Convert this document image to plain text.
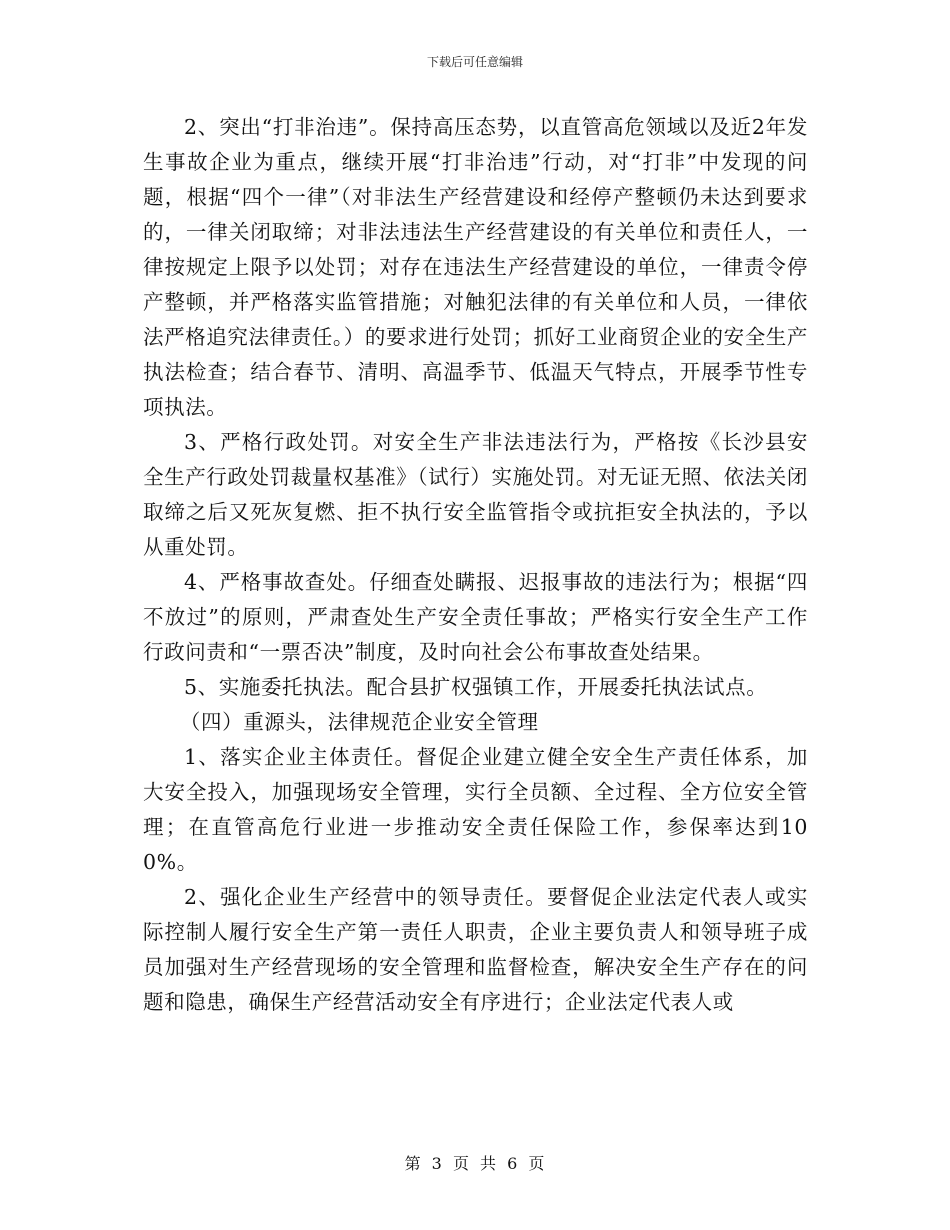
下载后可任意编辑

2、突出“打非治违”。保持高压态势，以直管高危领域以及近2年发生事故企业为重点，继续开展“打非治违”行动，对“打非”中发现的问题，根据“四个一律”（对非法生产经营建设和经停产整顿仍未达到要求的，一律关闭取缔；对非法违法生产经营建设的有关单位和责任人，一律按规定上限予以处罚；对存在违法生产经营建设的单位，一律责令停产整顿，并严格落实监管措施；对触犯法律的有关单位和人员，一律依法严格追究法律责任。）的要求进行处罚；抓好工业商贸企业的安全生产执法检查；结合春节、清明、高温季节、低温天气特点，开展季节性专项执法。

3、严格行政处罚。对安全生产非法违法行为，严格按《长沙县安全生产行政处罚裁量权基准》（试行）实施处罚。对无证无照、依法关闭取缔之后又死灰复燃、拒不执行安全监管指令或抗拒安全执法的，予以从重处罚。

4、严格事故查处。仔细查处瞒报、迟报事故的违法行为；根据“四不放过”的原则，严肃查处生产安全责任事故；严格实行安全生产工作行政问责和“一票否决”制度，及时向社会公布事故查处结果。

5、实施委托执法。配合县扩权强镇工作，开展委托执法试点。

（四）重源头，法律规范企业安全管理

1、落实企业主体责任。督促企业建立健全安全生产责任体系，加大安全投入，加强现场安全管理，实行全员额、全过程、全方位安全管理；在直管高危行业进一步推动安全责任保险工作，参保率达到100%。

2、强化企业生产经营中的领导责任。要督促企业法定代表人或实际控制人履行安全生产第一责任人职责，企业主要负责人和领导班子成员加强对生产经营现场的安全管理和监督检查，解决安全生产存在的问题和隐患，确保生产经营活动安全有序进行；企业法定代表人或

第 3 页 共 6 页
